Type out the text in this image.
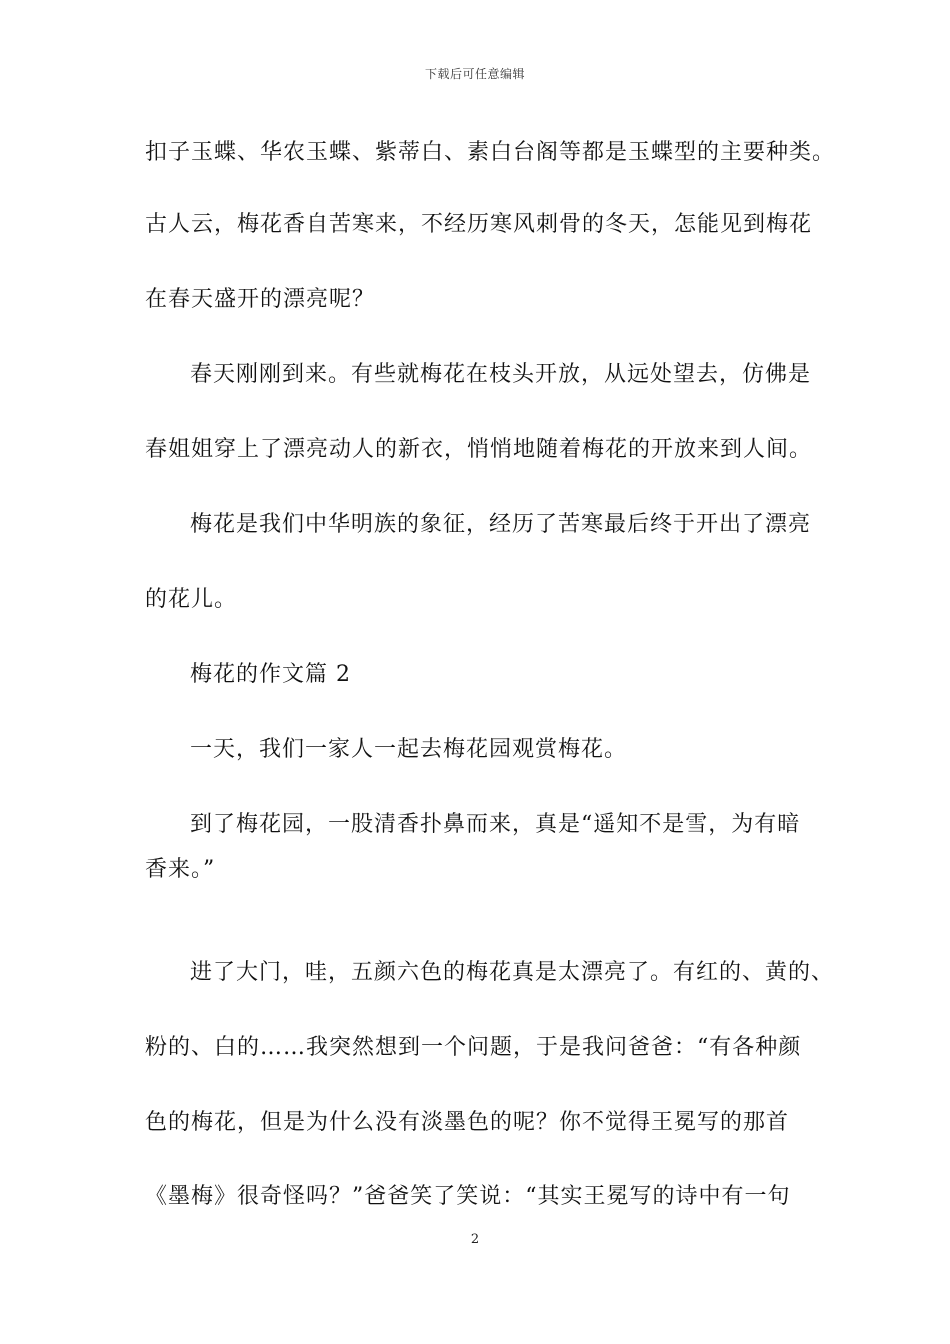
下载后可任意编辑
扣子玉蝶、华农玉蝶、紫蒂白、素白台阁等都是玉蝶型的主要种类。
古人云，梅花香自苦寒来，不经历寒风刺骨的冬天，怎能见到梅花
在春天盛开的漂亮呢？
春天刚刚到来。有些就梅花在枝头开放，从远处望去，仿佛是
春姐姐穿上了漂亮动人的新衣，悄悄地随着梅花的开放来到人间。
梅花是我们中华明族的象征，经历了苦寒最后终于开出了漂亮
的花儿。
梅花的作文篇 2
一天，我们一家人一起去梅花园观赏梅花。
到了梅花园，一股清香扑鼻而来，真是“遥知不是雪，为有暗
香来。”
进了大门，哇，五颜六色的梅花真是太漂亮了。有红的、黄的、
粉的、白的……我突然想到一个问题，于是我问爸爸：“有各种颜
色的梅花，但是为什么没有淡墨色的呢？你不觉得王冕写的那首
《墨梅》很奇怪吗？”爸爸笑了笑说：“其实王冕写的诗中有一句
2
